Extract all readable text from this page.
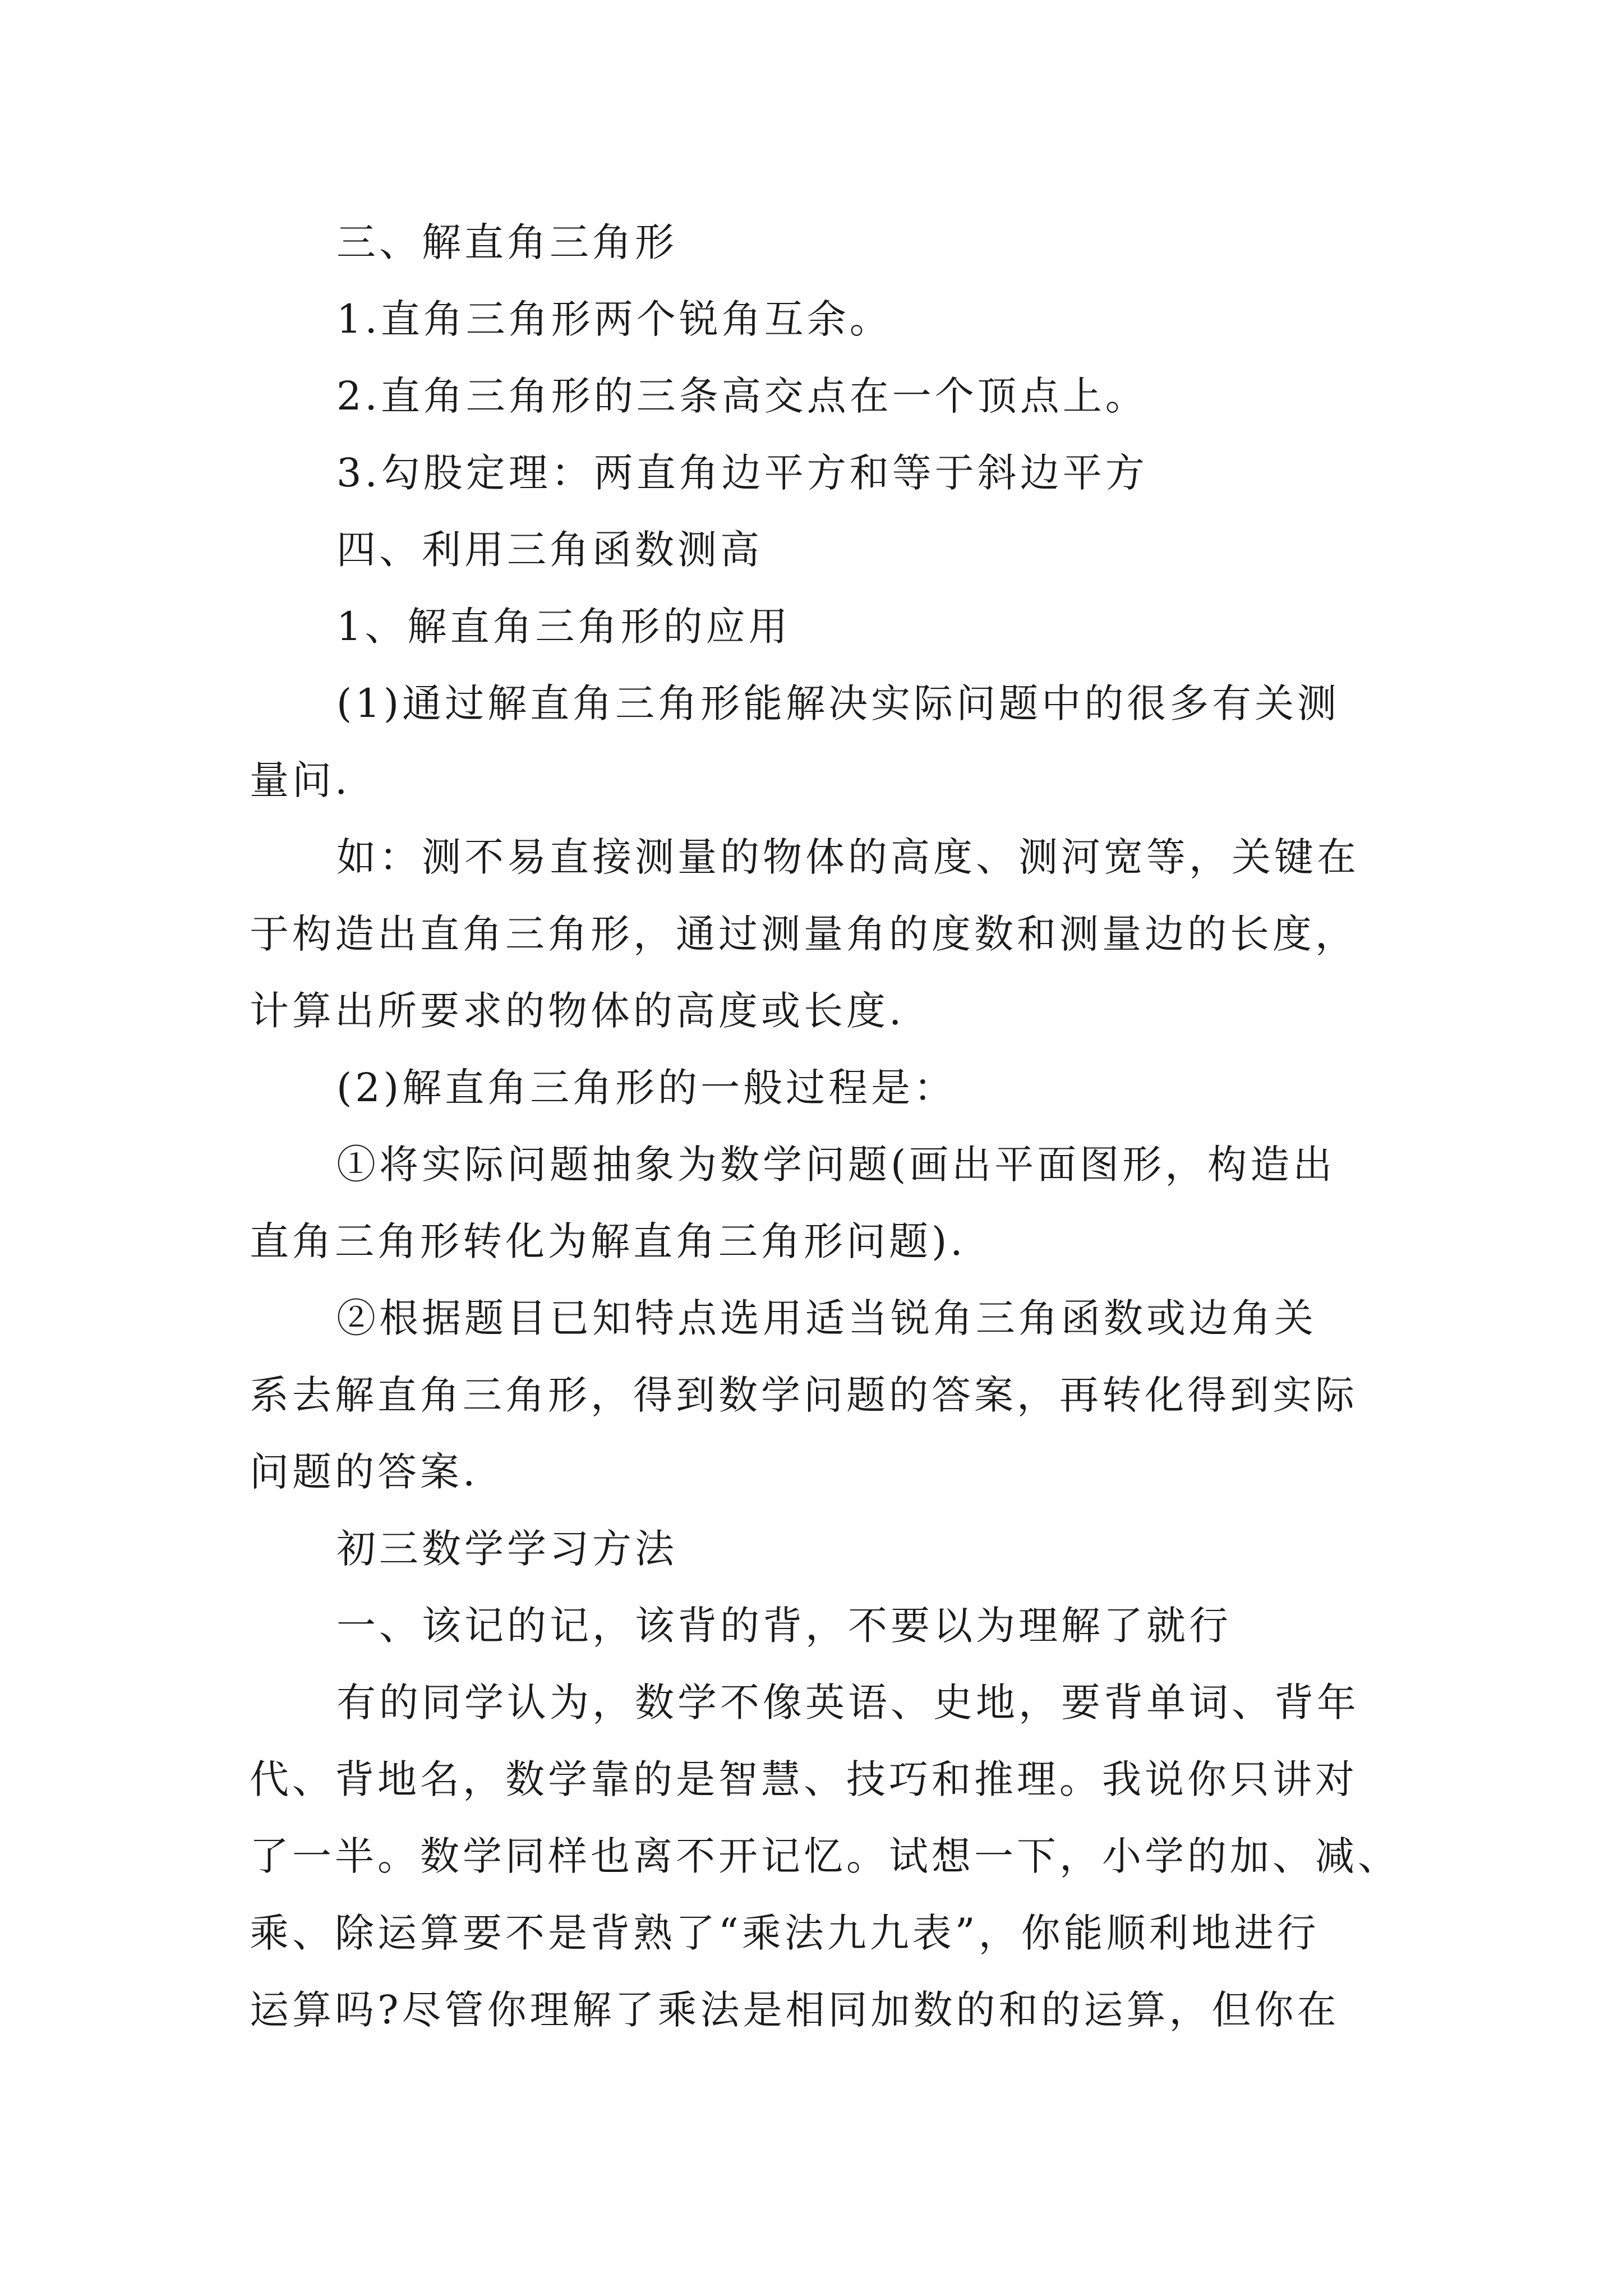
三、解直角三角形
1.直角三角形两个锐角互余。
2.直角三角形的三条高交点在一个顶点上。
3.勾股定理：两直角边平方和等于斜边平方
四、利用三角函数测高
1、解直角三角形的应用
(1)通过解直角三角形能解决实际问题中的很多有关测
量问.
如：测不易直接测量的物体的高度、测河宽等，关键在
于构造出直角三角形，通过测量角的度数和测量边的长度，
计算出所要求的物体的高度或长度.
(2)解直角三角形的一般过程是：
①将实际问题抽象为数学问题(画出平面图形，构造出
直角三角形转化为解直角三角形问题).
②根据题目已知特点选用适当锐角三角函数或边角关
系去解直角三角形，得到数学问题的答案，再转化得到实际
问题的答案.
初三数学学习方法
一、该记的记，该背的背，不要以为理解了就行
有的同学认为，数学不像英语、史地，要背单词、背年
代、背地名，数学靠的是智慧、技巧和推理。我说你只讲对
了一半。数学同样也离不开记忆。试想一下，小学的加、减、
乘、除运算要不是背熟了“乘法九九表”，你能顺利地进行
运算吗?尽管你理解了乘法是相同加数的和的运算，但你在
